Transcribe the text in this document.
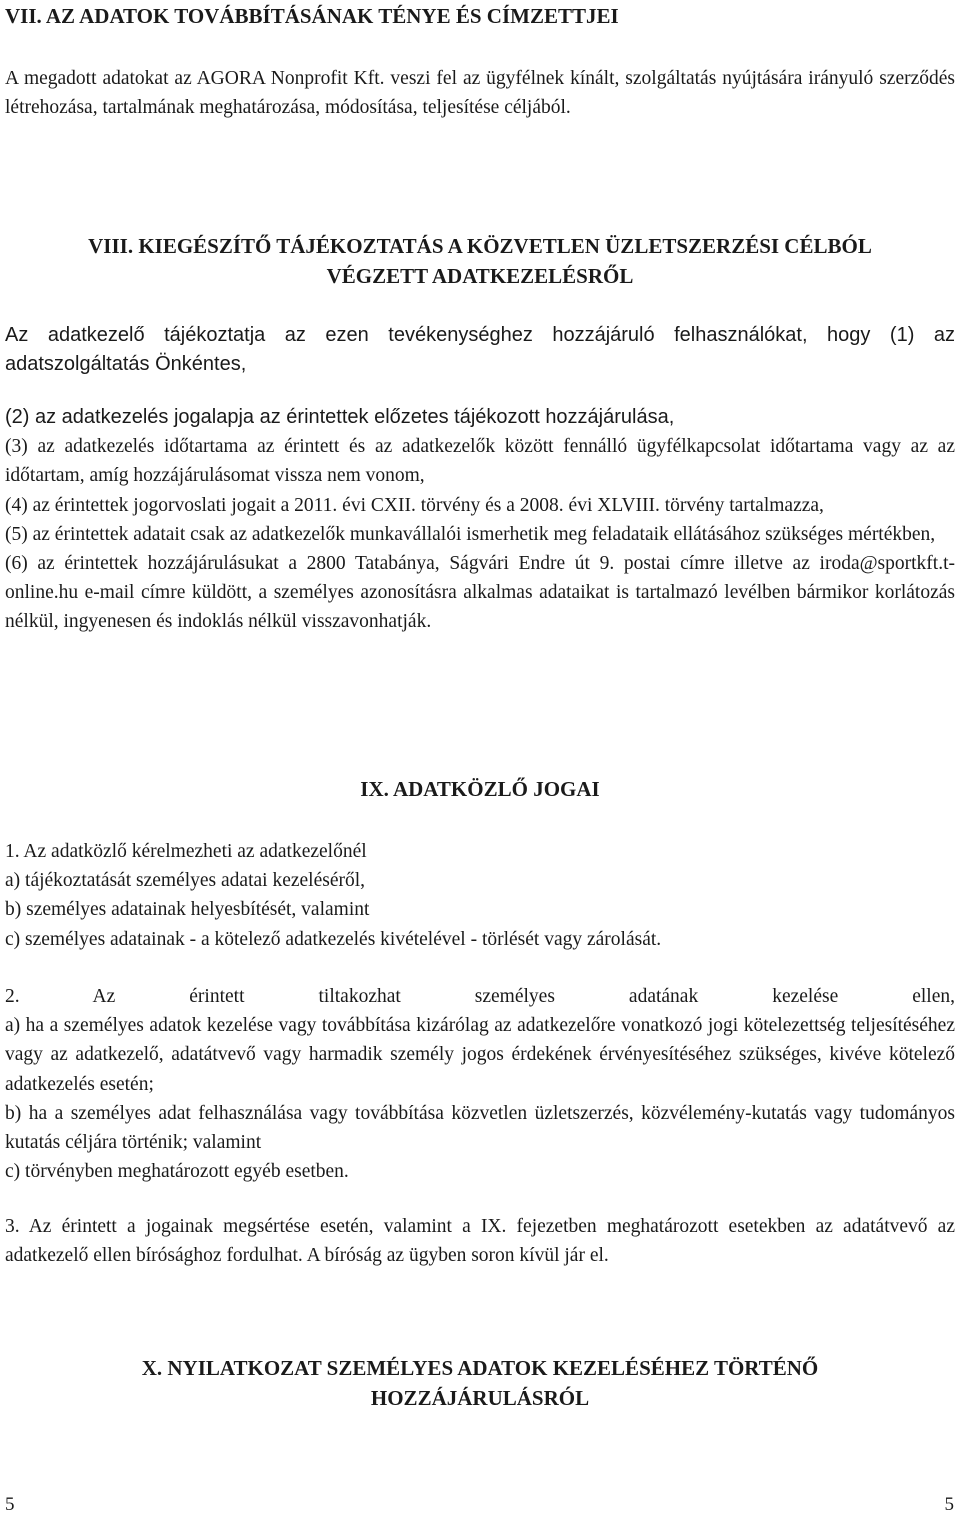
VII. AZ ADATOK TOVÁBBÍTÁSÁNAK TÉNYE ÉS CÍMZETTJEI
A megadott adatokat az AGORA Nonprofit Kft. veszi fel az ügyfélnek kínált, szolgáltatás nyújtására irányuló szerződés létrehozása, tartalmának meghatározása, módosítása, teljesítése céljából.
VIII. KIEGÉSZÍTŐ TÁJÉKOZTATÁS A KÖZVETLEN ÜZLETSZERZÉSI CÉLBÓL
VÉGZETT ADATKEZELÉSRŐL
Az adatkezelő tájékoztatja az ezen tevékenységhez hozzájáruló felhasználókat, hogy (1) az adatszolgáltatás Önkéntes,

(2) az adatkezelés jogalapja az érintettek előzetes tájékozott hozzájárulása,

(3) az adatkezelés időtartama az érintett és az adatkezelők között fennálló ügyfélkapcsolat időtartama vagy az az időtartam, amíg hozzájárulásomat vissza nem vonom,

(4) az érintettek jogorvoslati jogait a 2011. évi CXII. törvény és a 2008. évi XLVIII. törvény tartalmazza,

(5) az érintettek adatait csak az adatkezelők munkavállalói ismerhetik meg feladataik ellátásához szükséges mértékben,

(6) az érintettek hozzájárulásukat a 2800 Tatabánya, Ságvári Endre út 9. postai címre illetve az iroda@sportkft.t-online.hu e-mail címre küldött, a személyes azonosításra alkalmas adataikat is tartalmazó levélben bármikor korlátozás nélkül, ingyenesen és indoklás nélkül visszavonhatják.

IX. ADATKÖZLŐ JOGAI

1. Az adatközlő kérelmezheti az adatkezelőnél

a) tájékoztatását személyes adatai kezeléséről,

b) személyes adatainak helyesbítését, valamint

c) személyes adatainak - a kötelező adatkezelés kivételével - törlését vagy zárolását.

2. Az érintett tiltakozhat személyes adatának kezelése ellen,

a) ha a személyes adatok kezelése vagy továbbítása kizárólag az adatkezelőre vonatkozó jogi kötelezettség teljesítéséhez vagy az adatkezelő, adatátvevő vagy harmadik személy jogos érdekének érvényesítéséhez szükséges, kivéve kötelező adatkezelés esetén;

b) ha a személyes adat felhasználása vagy továbbítása közvetlen üzletszerzés, közvélemény-kutatás vagy tudományos kutatás céljára történik; valamint

c) törvényben meghatározott egyéb esetben.

3. Az érintett a jogainak megsértése esetén, valamint a IX. fejezetben meghatározott esetekben az adatátvevő az adatkezelő ellen bírósághoz fordulhat. A bíróság az ügyben soron kívül jár el.
X. NYILATKOZAT SZEMÉLYES ADATOK KEZELÉSÉHEZ TÖRTÉNŐ
HOZZÁJÁRULÁSRÓL
5	5
